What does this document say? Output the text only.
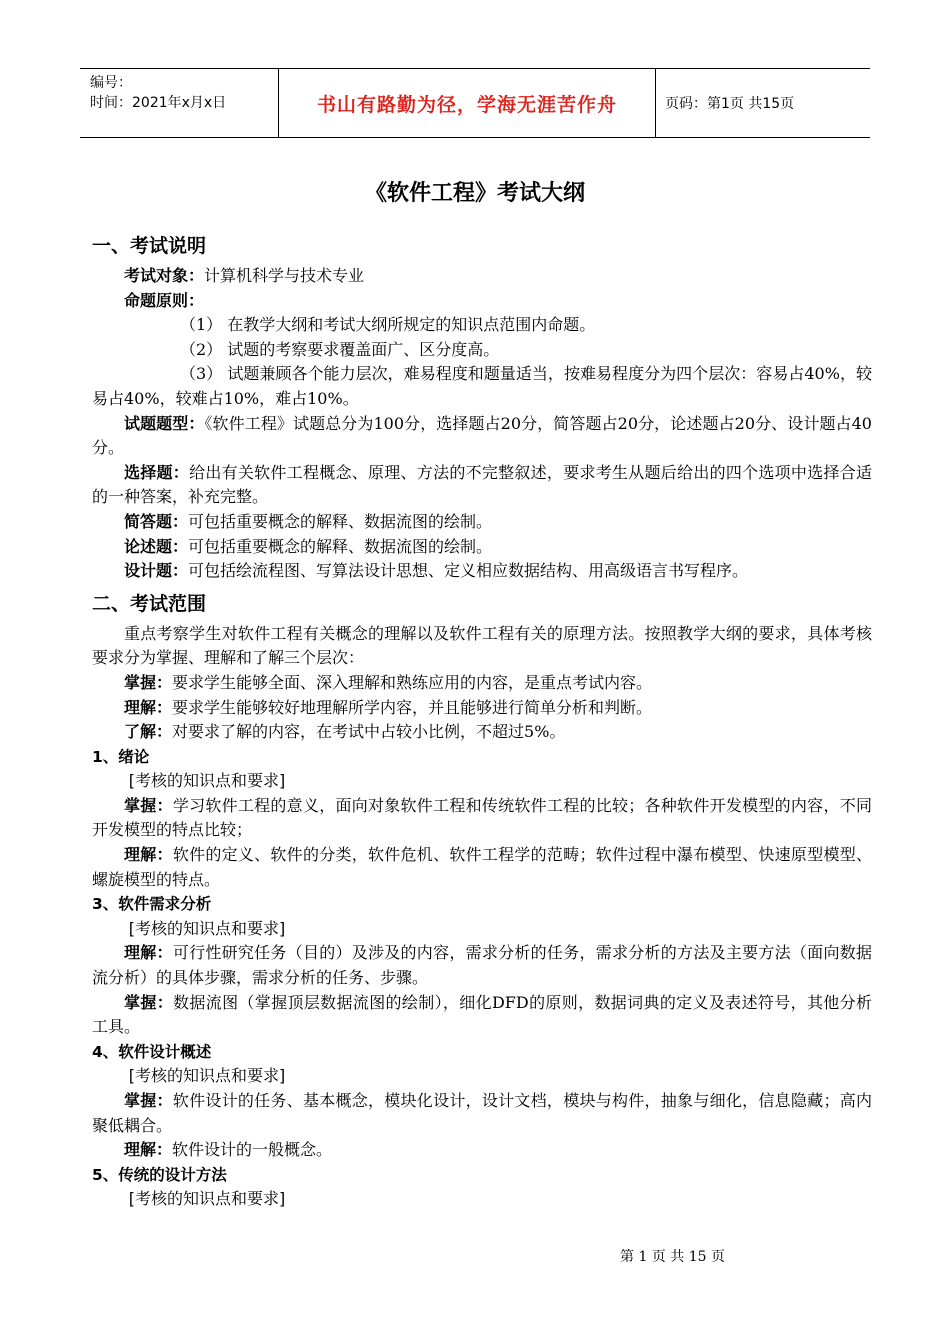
编号：
时间：2021年x月x日	书山有路勤为径，学海无涯苦作舟	页码：第1页 共15页
《软件工程》考试大纲
一、考试说明

考试对象：计算机科学与技术专业

命题原则：

（1） 在教学大纲和考试大纲所规定的知识点范围内命题。

（2） 试题的考察要求覆盖面广、区分度高。

（3） 试题兼顾各个能力层次，难易程度和题量适当，按难易程度分为四个层次：容易占40%，较易占40%，较难占10%，难占10%。

试题题型：《软件工程》试题总分为100分，选择题占20分，简答题占20分，论述题占20分、设计题占40分。

选择题：给出有关软件工程概念、原理、方法的不完整叙述，要求考生从题后给出的四个选项中选择合适的一种答案，补充完整。

简答题：可包括重要概念的解释、数据流图的绘制。

论述题：可包括重要概念的解释、数据流图的绘制。

设计题：可包括绘流程图、写算法设计思想、定义相应数据结构、用高级语言书写程序。

二、考试范围

重点考察学生对软件工程有关概念的理解以及软件工程有关的原理方法。按照教学大纲的要求，具体考核要求分为掌握、理解和了解三个层次：

掌握：要求学生能够全面、深入理解和熟练应用的内容，是重点考试内容。

理解：要求学生能够较好地理解所学内容，并且能够进行简单分析和判断。

了解：对要求了解的内容，在考试中占较小比例，不超过5%。

1、绪论

[考核的知识点和要求]

掌握：学习软件工程的意义，面向对象软件工程和传统软件工程的比较；各种软件开发模型的内容，不同开发模型的特点比较；

理解：软件的定义、软件的分类，软件危机、软件工程学的范畴；软件过程中瀑布模型、快速原型模型、螺旋模型的特点。

3、软件需求分析

[考核的知识点和要求]

理解：可行性研究任务（目的）及涉及的内容，需求分析的任务，需求分析的方法及主要方法（面向数据流分析）的具体步骤，需求分析的任务、步骤。

掌握：数据流图（掌握顶层数据流图的绘制），细化DFD的原则，数据词典的定义及表述符号，其他分析工具。

4、软件设计概述

[考核的知识点和要求]

掌握：软件设计的任务、基本概念，模块化设计，设计文档，模块与构件，抽象与细化，信息隐藏；高内聚低耦合。

理解：软件设计的一般概念。

5、传统的设计方法

[考核的知识点和要求]

第 1 页 共 15 页
